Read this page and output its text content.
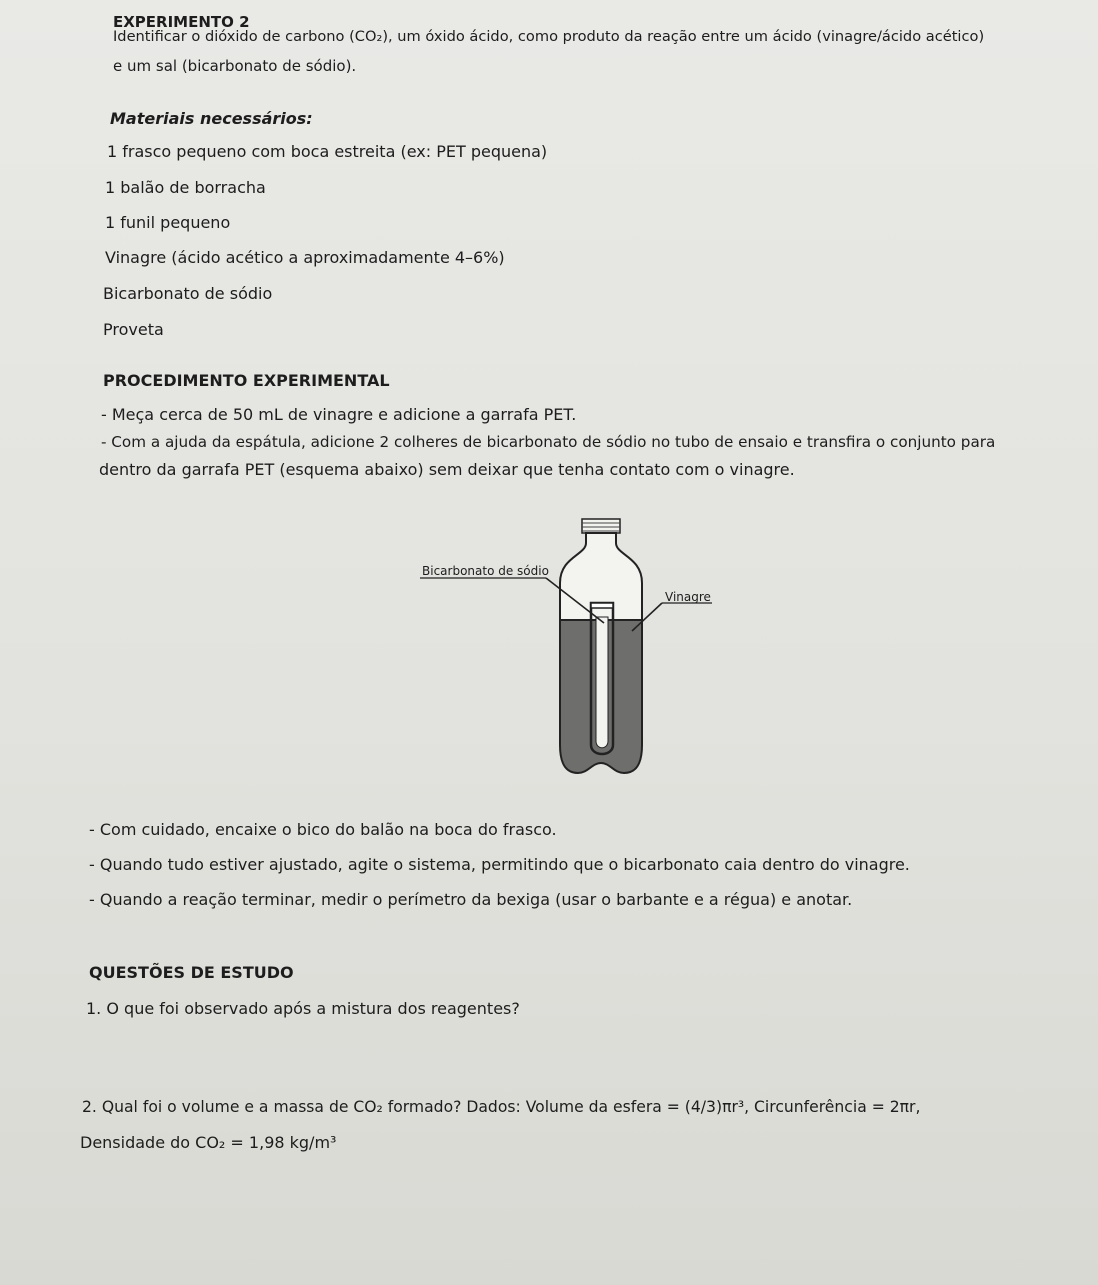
EXPERIMENTO 2
Identificar o dióxido de carbono (CO₂), um óxido ácido, como produto da reação entre um ácido (vinagre/ácido acético)
e um sal (bicarbonato de sódio).
Materiais necessários:
1 frasco pequeno com boca estreita (ex: PET pequena)
1 balão de borracha
1 funil pequeno
Vinagre (ácido acético a aproximadamente 4–6%)
Bicarbonato de sódio
Proveta
PROCEDIMENTO EXPERIMENTAL
- Meça cerca de 50 mL de vinagre e adicione a garrafa PET.
- Com a ajuda da espátula, adicione 2 colheres de bicarbonato de sódio no tubo de ensaio e transfira o conjunto para
dentro da garrafa PET (esquema abaixo) sem deixar que tenha contato com o vinagre.
Bicarbonato de sódio
Vinagre
- Com cuidado, encaixe o bico do balão na boca do frasco.
- Quando tudo estiver ajustado, agite o sistema, permitindo que o bicarbonato caia dentro do vinagre.
- Quando a reação terminar, medir o perímetro da bexiga (usar o barbante e a régua) e anotar.
QUESTÕES DE ESTUDO
1. O que foi observado após a mistura dos reagentes?
2. Qual foi o volume e a massa de CO₂ formado? Dados: Volume da esfera = (4/3)πr³, Circunferência = 2πr,
Densidade do CO₂ = 1,98 kg/m³
